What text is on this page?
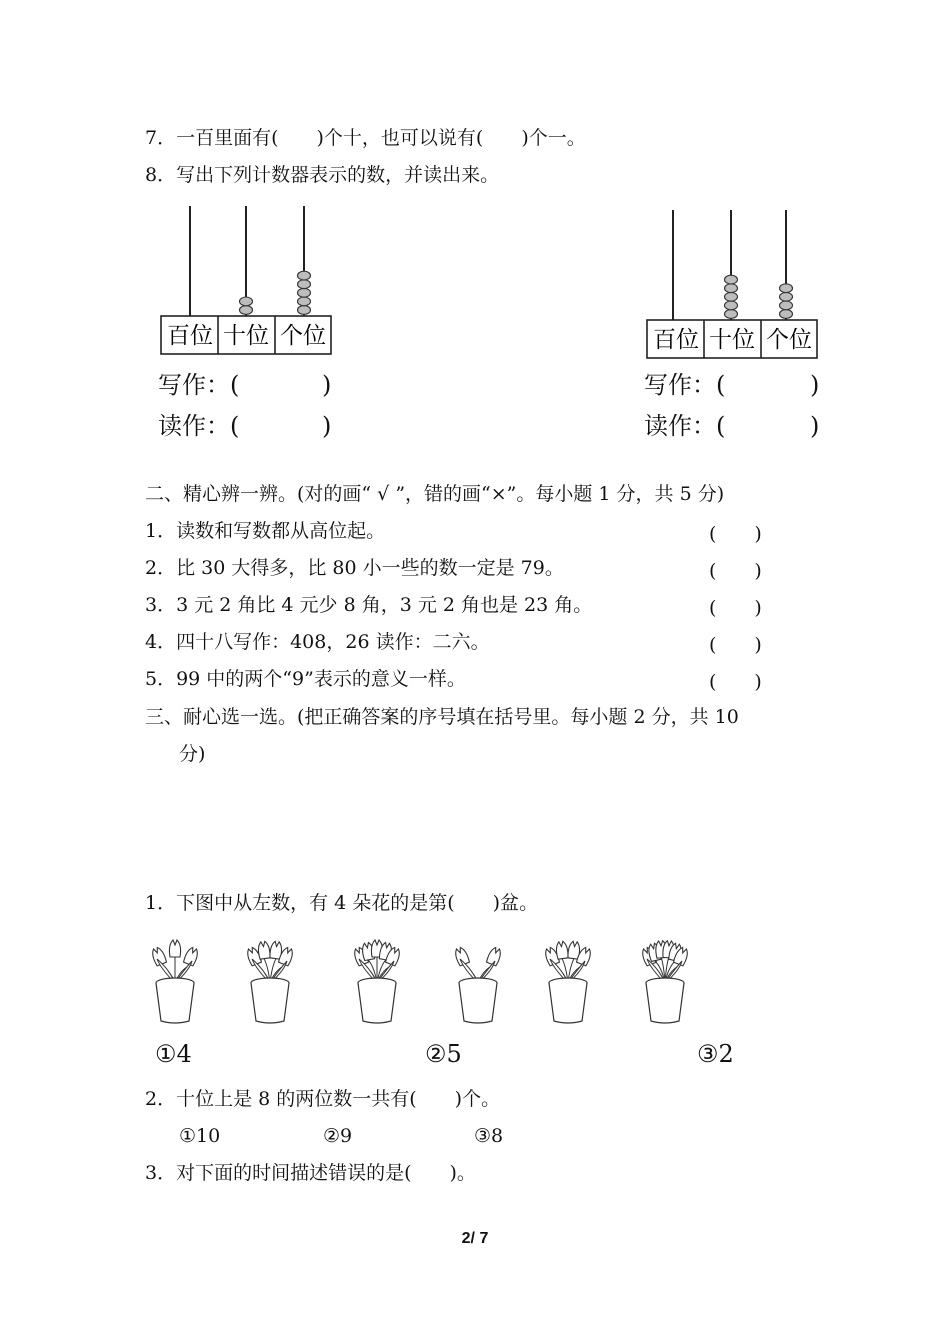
7．一百里面有(　　)个十，也可以说有(　　)个一。
8．写出下列计数器表示的数，并读出来。
百位 十位 个位
写作：(	)
读作：(	)
百位 十位 个位
写作：(	)
读作：(	)
二、精心辨一辨。(对的画“ √ ”，错的画“×”。每小题 1 分，共 5 分)
1．读数和写数都从高位起。	(　　)
2．比 30 大得多，比 80 小一些的数一定是 79。	(　　)
3．3 元 2 角比 4 元少 8 角，3 元 2 角也是 23 角。	(　　)
4．四十八写作：408，26 读作：二六。	(　　)
5．99 中的两个“9”表示的意义一样。	(　　)
三、耐心选一选。(把正确答案的序号填在括号里。每小题 2 分，共 10
分)
1．下图中从左数，有 4 朵花的是第(　　)盆。
①4	②5	③2
2．十位上是 8 的两位数一共有(　　)个。
①10	②9	③8
3．对下面的时间描述错误的是(　　)。
2/ 7
